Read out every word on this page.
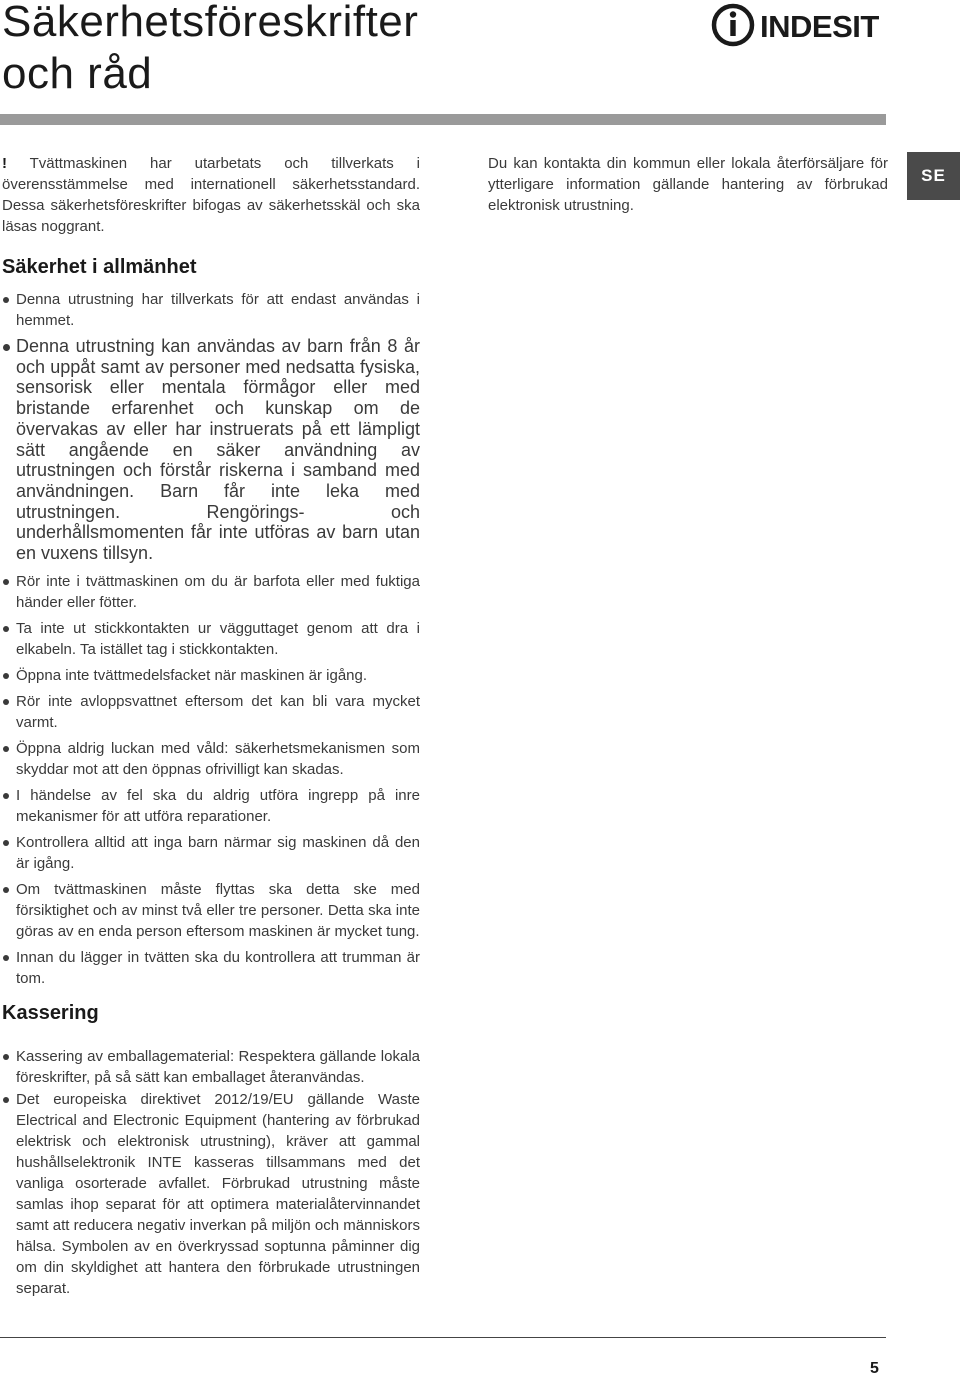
Säkerhetsföreskrifter
och råd
INDESIT

! Tvättmaskinen har utarbetats och tillverkats i överensstämmelse med internationell säkerhetsstandard. Dessa säkerhetsföreskrifter bifogas av säkerhetsskäl och ska läsas noggrant.

Du kan kontakta din kommun eller lokala återförsäljare för ytterligare information gällande hantering av förbrukad elektronisk utrustning.

SE
Säkerhet i allmänhet
Denna utrustning har tillverkats för att endast användas i hemmet.
Denna utrustning kan användas av barn från 8 år och uppåt samt av personer med nedsatta fysiska, sensorisk eller mentala förmågor eller med bristande erfarenhet och kunskap om de övervakas av eller har instruerats på ett lämpligt sätt angående en säker användning av utrustningen och förstår riskerna i samband med användningen. Barn får inte leka med utrustningen. Rengörings- och underhållsmomenten får inte utföras av barn utan en vuxens tillsyn.
Rör inte i tvättmaskinen om du är barfota eller med fuktiga händer eller fötter.
Ta inte ut stickkontakten ur vägguttaget genom att dra i elkabeln. Ta istället tag i stickkontakten.
Öppna inte tvättmedelsfacket när maskinen är igång.
Rör inte avloppsvattnet eftersom det kan bli vara mycket varmt.
Öppna aldrig luckan med våld: säkerhetsmekanismen som skyddar mot att den öppnas ofrivilligt kan skadas.
I händelse av fel ska du aldrig utföra ingrepp på inre mekanismer för att utföra reparationer.
Kontrollera alltid att inga barn närmar sig maskinen då den är igång.
Om tvättmaskinen måste flyttas ska detta ske med försiktighet och av minst två eller tre personer. Detta ska inte göras av en enda person eftersom maskinen är mycket tung.
Innan du lägger in tvätten ska du kontrollera att trumman är tom.
Kassering
Kassering av emballagematerial: Respektera gällande lokala föreskrifter, på så sätt kan emballaget återanvändas.
Det europeiska direktivet 2012/19/EU gällande Waste Electrical and Electronic Equipment (hantering av förbrukad elektrisk och elektronisk utrustning), kräver att gammal hushållselektronik INTE kasseras tillsammans med det vanliga osorterade avfallet. Förbrukad utrustning måste samlas ihop separat för att optimera materialåtervinnandet samt att reducera negativ inverkan på miljön och människors hälsa. Symbolen av en överkryssad soptunna påminner dig om din skyldighet att hantera den förbrukade utrustningen separat.

5
